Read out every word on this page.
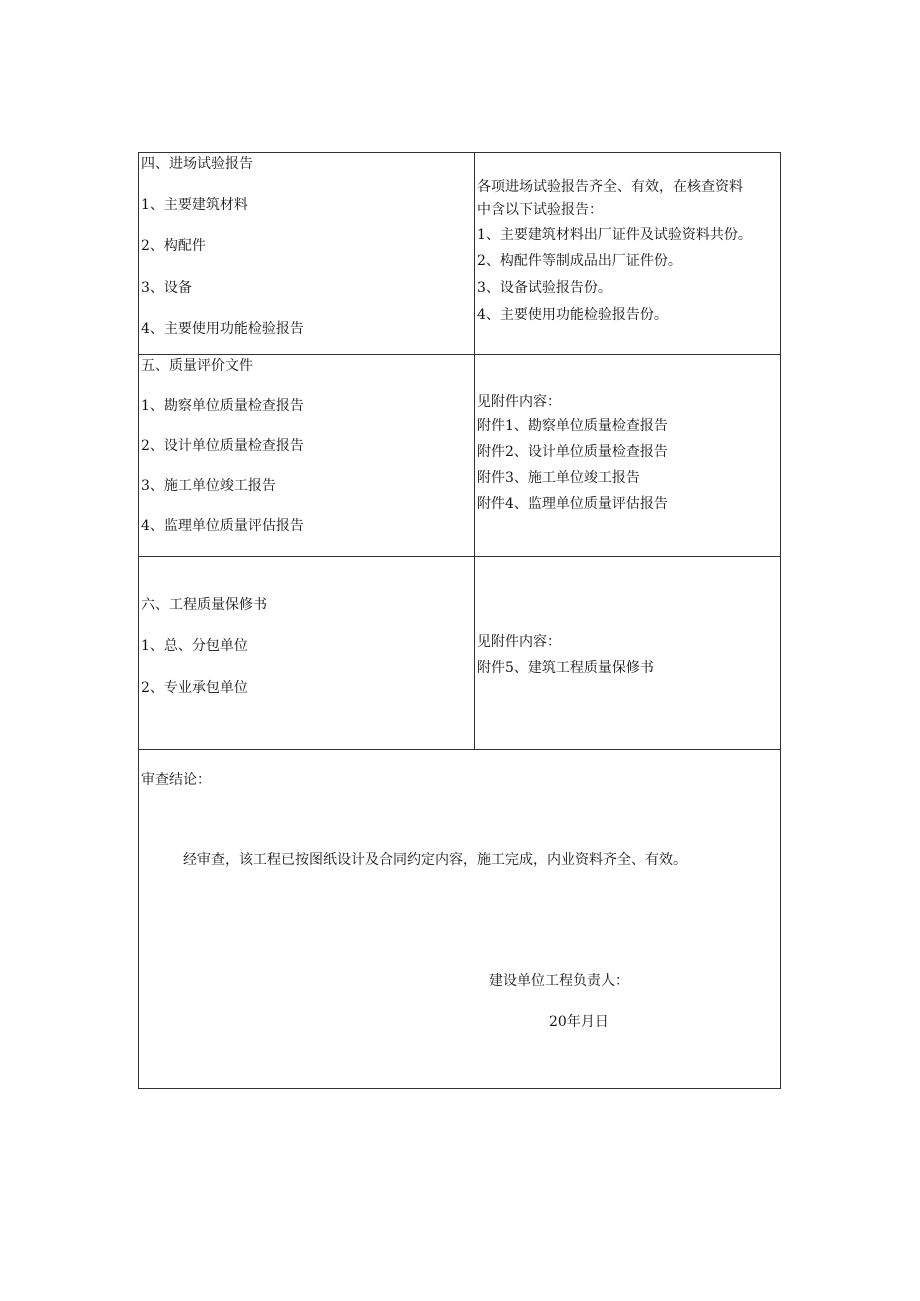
四、进场试验报告
1、主要建筑材料
2、构配件
3、设备
4、主要使用功能检验报告
各项进场试验报告齐全、有效，在核查资料
中含以下试验报告：
1、主要建筑材料出厂证件及试验资料共份。
2、构配件等制成品出厂证件份。
3、设备试验报告份。
4、主要使用功能检验报告份。
五、质量评价文件
1、勘察单位质量检查报告
2、设计单位质量检查报告
3、施工单位竣工报告
4、监理单位质量评估报告
见附件内容：
附件1、勘察单位质量检查报告
附件2、设计单位质量检查报告
附件3、施工单位竣工报告
附件4、监理单位质量评估报告
六、工程质量保修书
1、总、分包单位
2、专业承包单位
见附件内容：
附件5、建筑工程质量保修书
审查结论：
经审查，该工程已按图纸设计及合同约定内容，施工完成，内业资料齐全、有效。
建设单位工程负责人：
20年月日
